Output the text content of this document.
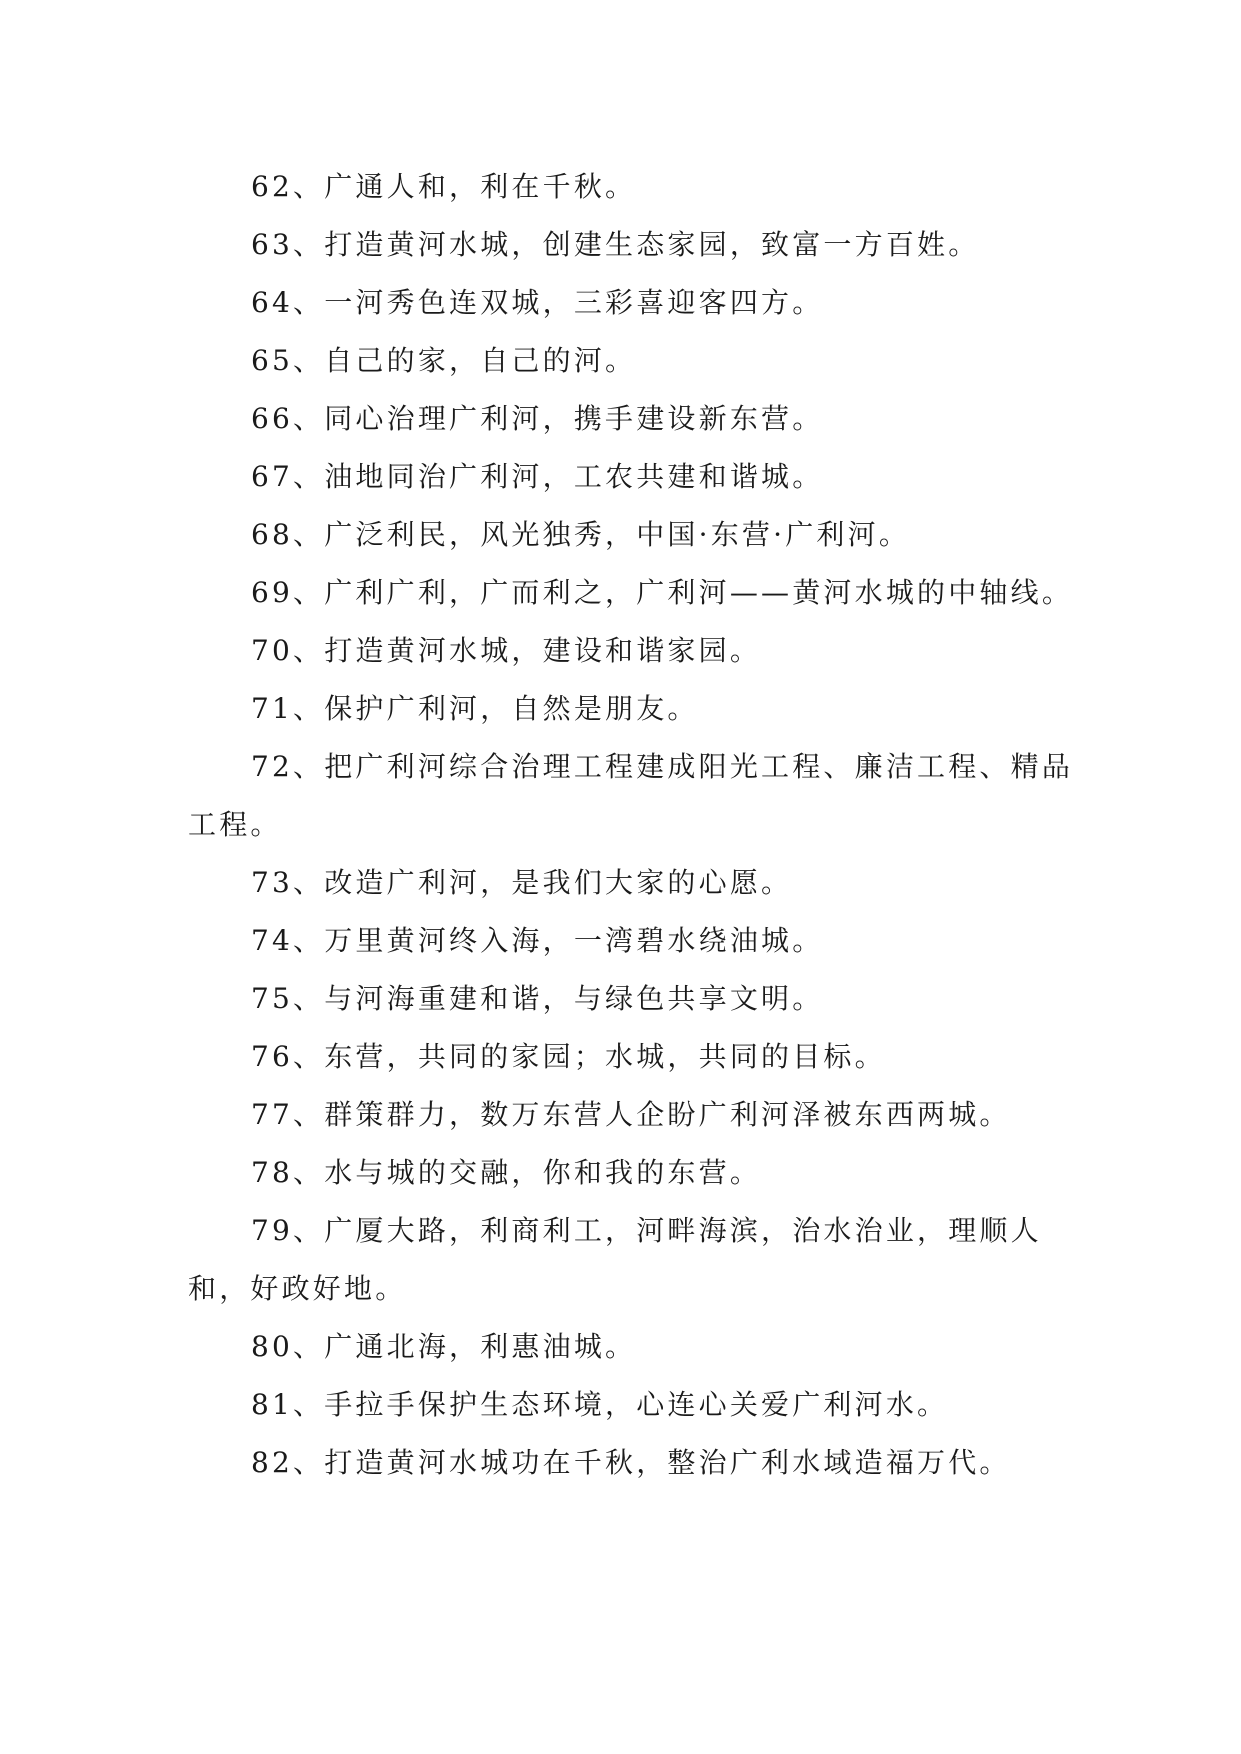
62、广通人和，利在千秋。

63、打造黄河水城，创建生态家园，致富一方百姓。

64、一河秀色连双城，三彩喜迎客四方。

65、自己的家，自己的河。

66、同心治理广利河，携手建设新东营。

67、油地同治广利河，工农共建和谐城。

68、广泛利民，风光独秀，中国·东营·广利河。

69、广利广利，广而利之，广利河——黄河水城的中轴线。

70、打造黄河水城，建设和谐家园。

71、保护广利河，自然是朋友。

72、把广利河综合治理工程建成阳光工程、廉洁工程、精品工程。

73、改造广利河，是我们大家的心愿。

74、万里黄河终入海，一湾碧水绕油城。

75、与河海重建和谐，与绿色共享文明。

76、东营，共同的家园；水城，共同的目标。

77、群策群力，数万东营人企盼广利河泽被东西两城。

78、水与城的交融，你和我的东营。

79、广厦大路，利商利工，河畔海滨，治水治业，理顺人和，好政好地。

80、广通北海，利惠油城。

81、手拉手保护生态环境，心连心关爱广利河水。

82、打造黄河水城功在千秋，整治广利水域造福万代。
